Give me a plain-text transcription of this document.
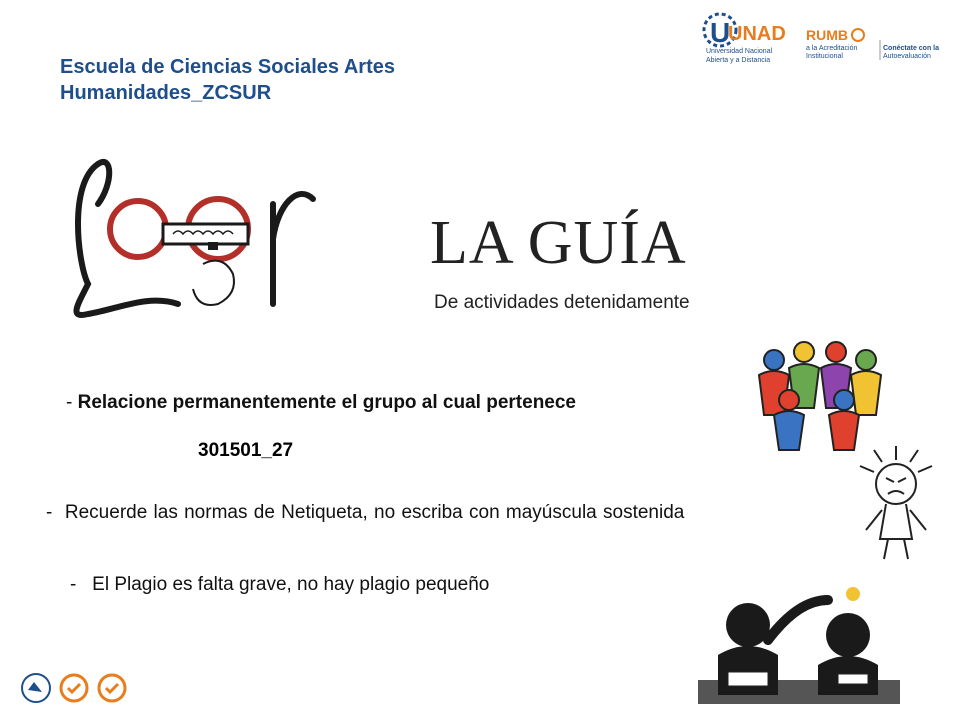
Escuela de Ciencias Sociales Artes
Humanidades_ZCSUR
U
UNAD
Universidad Nacional
Abierta y a Distancia
RUMB
a la Acreditación
Institucional
Conéctate con la
Autoevaluación
LA GUÍA
De actividades detenidamente
- Relacione permanentemente el grupo al cual pertenece
301501_27
-  Recuerde las normas de Netiqueta, no escriba con mayúscula sostenida
-   El Plagio es falta grave, no hay plagio pequeño
